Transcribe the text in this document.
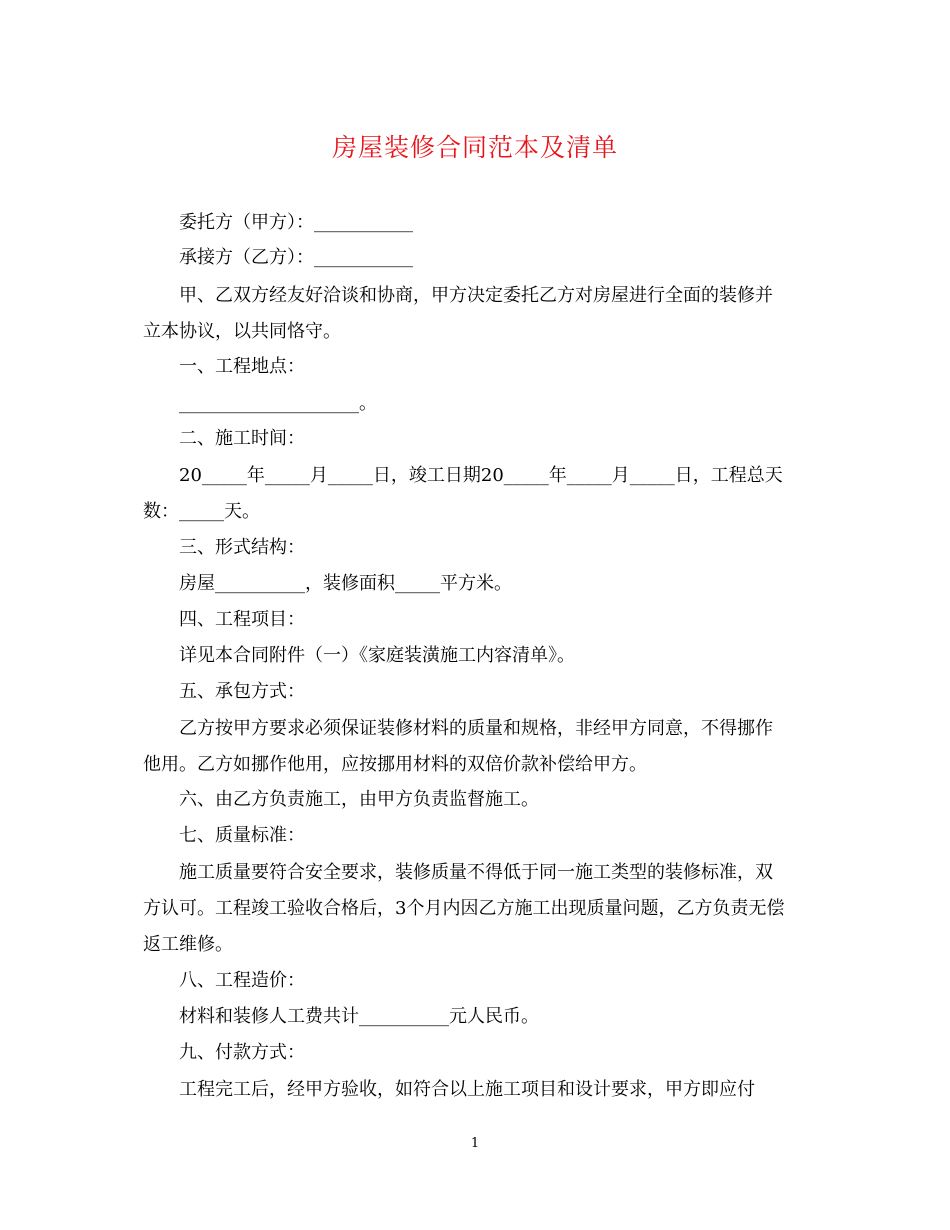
房屋装修合同范本及清单
委托方（甲方）：___________
承接方（乙方）：___________
甲、乙双方经友好洽谈和协商，甲方决定委托乙方对房屋进行全面的装修并
立本协议，以共同恪守。
一、工程地点：
____________________。
二、施工时间：
20_____年_____月_____日，竣工日期20_____年_____月_____日，工程总天
数：_____天。
三、形式结构：
房屋__________，装修面积_____平方米。
四、工程项目：
详见本合同附件（一）《家庭装潢施工内容清单》。
五、承包方式：
乙方按甲方要求必须保证装修材料的质量和规格，非经甲方同意，不得挪作
他用。乙方如挪作他用，应按挪用材料的双倍价款补偿给甲方。
六、由乙方负责施工，由甲方负责监督施工。
七、质量标准：
施工质量要符合安全要求，装修质量不得低于同一施工类型的装修标准，双
方认可。工程竣工验收合格后，3个月内因乙方施工出现质量问题，乙方负责无偿
返工维修。
八、工程造价：
材料和装修人工费共计__________元人民币。
九、付款方式：
工程完工后，经甲方验收，如符合以上施工项目和设计要求，甲方即应付
1
